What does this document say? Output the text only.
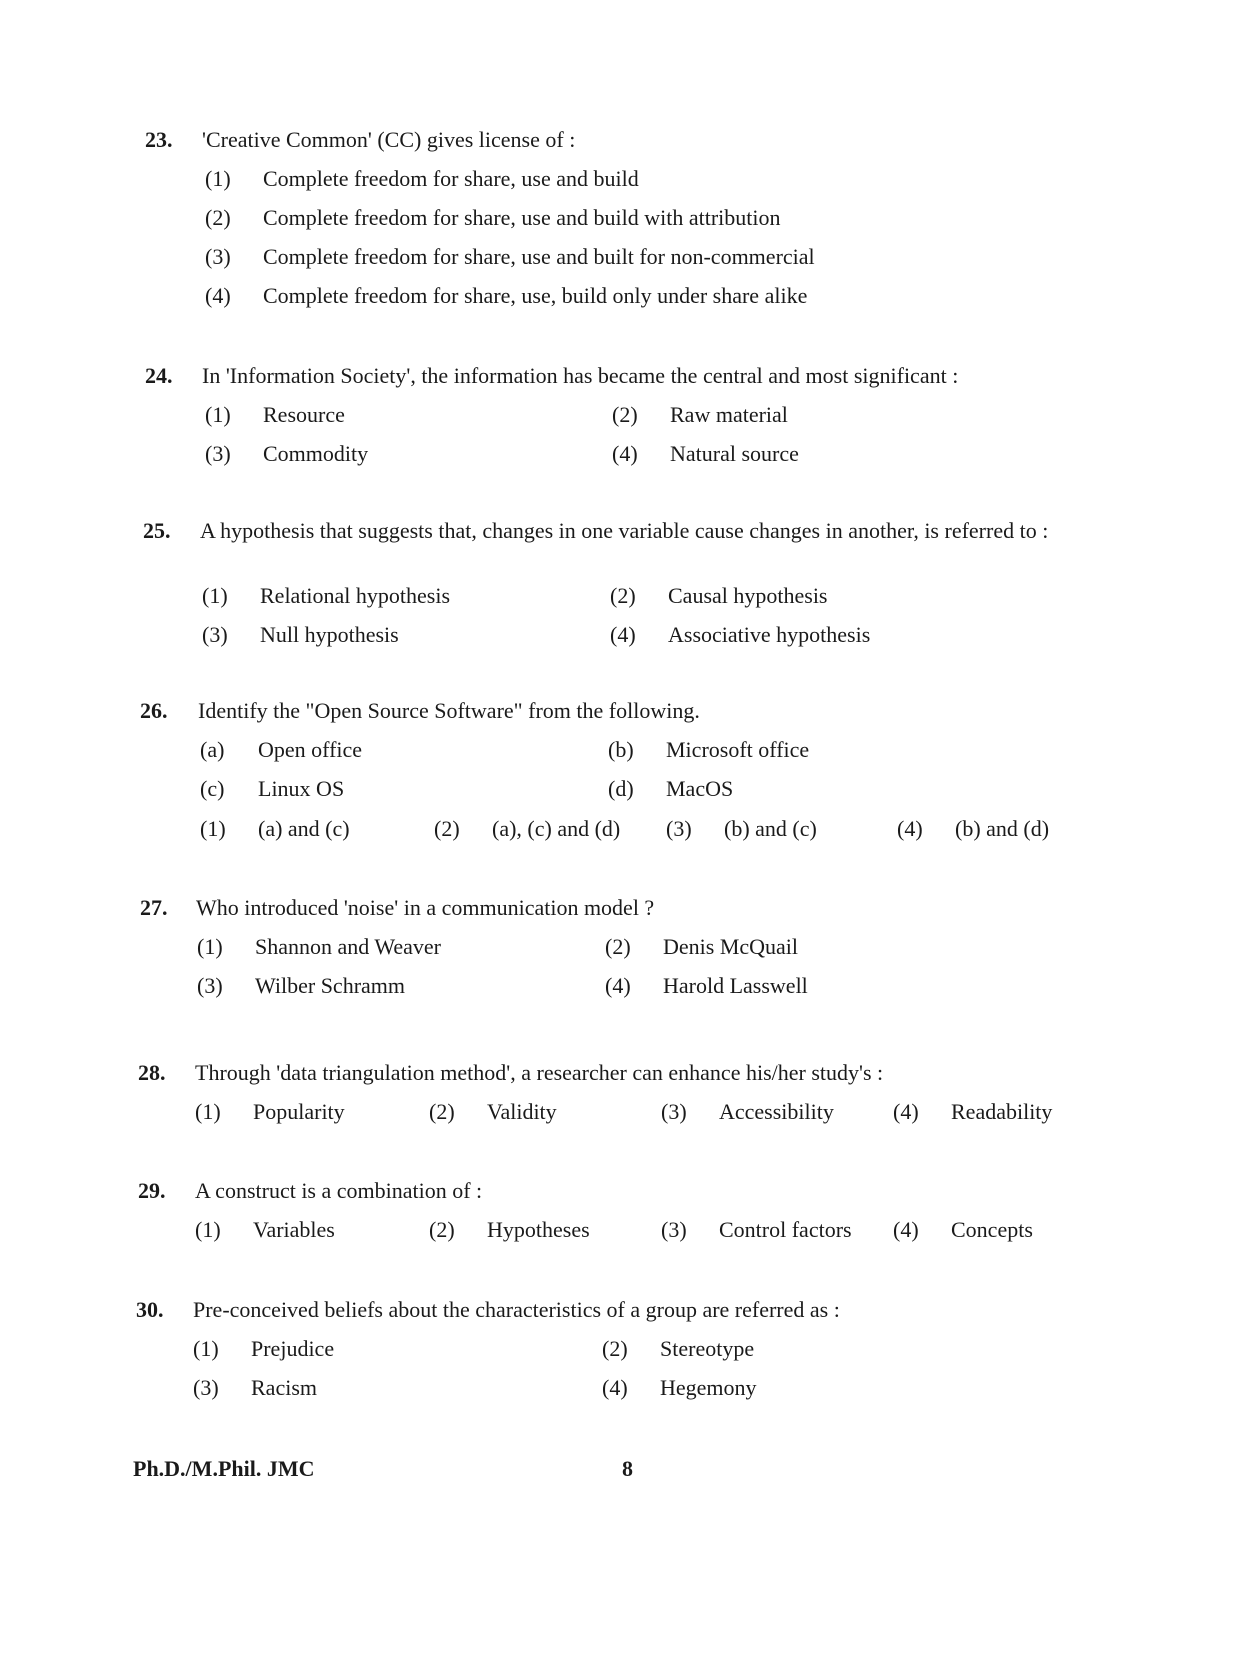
23.	'Creative Common' (CC) gives license of :
(1) Complete freedom for share, use and build
(2) Complete freedom for share, use and build with attribution
(3) Complete freedom for share, use and built for non-commercial
(4) Complete freedom for share, use, build only under share alike
24.	In 'Information Society', the information has became the central and most significant :
(1) Resource	(2) Raw material
(3) Commodity	(4) Natural source
25.	A hypothesis that suggests that, changes in one variable cause changes in another, is referred to :
(1) Relational hypothesis	(2) Causal hypothesis
(3) Null hypothesis	(4) Associative hypothesis
26.	Identify the "Open Source Software" from the following.
(a) Open office	(b) Microsoft office
(c) Linux OS	(d) MacOS
(1) (a) and (c)	(2) (a), (c) and (d) (3) (b) and (c)	(4) (b) and (d)
27.	Who introduced 'noise' in a communication model ?
(1) Shannon and Weaver	(2) Denis McQuail
(3) Wilber Schramm	(4) Harold Lasswell
28.	Through 'data triangulation method', a researcher can enhance his/her study's :
(1) Popularity	(2) Validity	(3) Accessibility	(4) Readability
29.	A construct is a combination of :
(1) Variables	(2) Hypotheses	(3) Control factors (4) Concepts
30.	Pre-conceived beliefs about the characteristics of a group are referred as :
(1) Prejudice	(2) Stereotype
(3) Racism	(4) Hegemony
Ph.D./M.Phil. JMC	8
